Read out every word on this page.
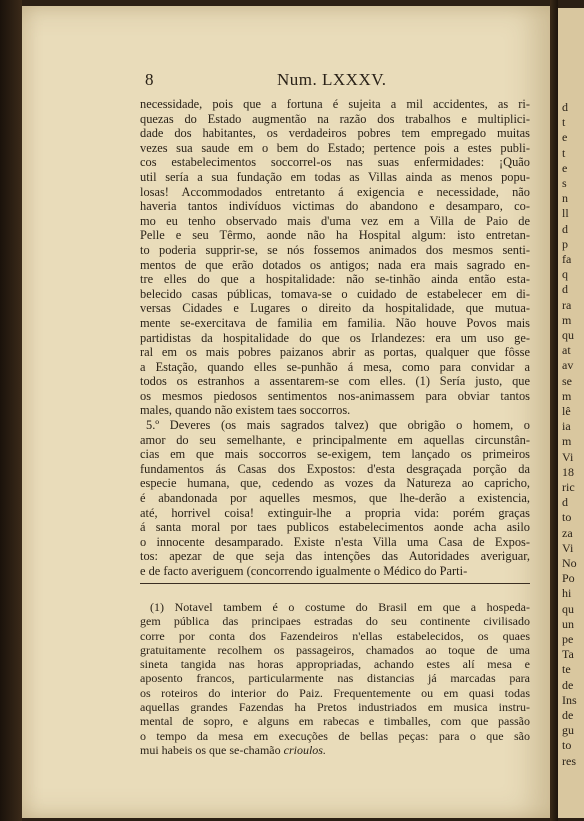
8	Num. LXXXV.
necessidade, pois que a fortuna é sujeita a mil accidentes, as ri-
quezas do Estado augmentão na razão dos trabalhos e multiplici-
dade dos habitantes, os verdadeiros pobres tem empregado muitas
vezes sua saude em o bem do Estado; pertence pois a estes publi-
cos estabelecimentos soccorrel-os nas suas enfermidades: ¡Quão
util sería a sua fundação em todas as Villas ainda as menos popu-
losas! Accommodados entretanto á exigencia e necessidade, não
haveria tantos indivíduos victimas do abandono e desamparo, co-
mo eu tenho observado mais d'uma vez em a Villa de Paio de
Pelle e seu Têrmo, aonde não ha Hospital algum: isto entretan-
to poderia supprir-se, se nós fossemos animados dos mesmos senti-
mentos de que erão dotados os antigos; nada era mais sagrado en-
tre elles do que a hospitalidade: não se-tinhão ainda então esta-
belecido casas públicas, tomava-se o cuidado de estabelecer em di-
versas Cidades e Lugares o direito da hospitalidade, que mutua-
mente se-exercitava de familia em familia. Não houve Povos mais
partidistas da hospitalidade do que os Irlandezes: era um uso ge-
ral em os mais pobres paizanos abrir as portas, qualquer que fôsse
a Estação, quando elles se-punhão á mesa, como para convidar a
todos os estranhos a assentarem-se com elles. (1) Sería justo, que
os mesmos piedosos sentimentos nos-animassem para obviar tantos
males, quando não existem taes soccorros.
5.º Deveres (os mais sagrados talvez) que obrigão o homem, o
amor do seu semelhante, e principalmente em aquellas circunstân-
cias em que mais soccorros se-exigem, tem lançado os primeiros
fundamentos ás Casas dos Expostos: d'esta desgraçada porção da
especie humana, que, cedendo as vozes da Natureza ao capricho,
é abandonada por aquelles mesmos, que lhe-derão a existencia,
até, horrivel coisa! extinguir-lhe a propria vida: porém graças
á santa moral por taes publicos estabelecimentos aonde acha asilo
o innocente desamparado. Existe n'esta Villa uma Casa de Expos-
tos: apezar de que seja das intenções das Autoridades averiguar,
e de facto averiguem (concorrendo igualmente o Médico do Parti-
(1) Notavel tambem é o costume do Brasil em que a hospeda-
gem pública das principaes estradas do seu continente civilisado
corre por conta dos Fazendeiros n'ellas estabelecidos, os quaes
gratuitamente recolhem os passageiros, chamados ao toque de uma
sineta tangida nas horas appropriadas, achando estes alí mesa e
aposento francos, particularmente nas distancias já marcadas para
os roteiros do interior do Paiz. Frequentemente ou em quasi todas
aquellas grandes Fazendas ha Pretos industriados em musica instru-
mental de sopro, e alguns em rabecas e timballes, com que passão
o tempo da mesa em execuções de bellas peças: para o que são
mui habeis os que se-chamão crioulos.
d
t
e
t
e
s
n
ll
d
p
fa
q
d
ra
m
qu
at
av
se
m
lê
ia
m
Vi
18
ric
d
to
za
Vi
No
Po
hi
qu
un
pe
Ta
te
de
Ins
de
gu
to
res
